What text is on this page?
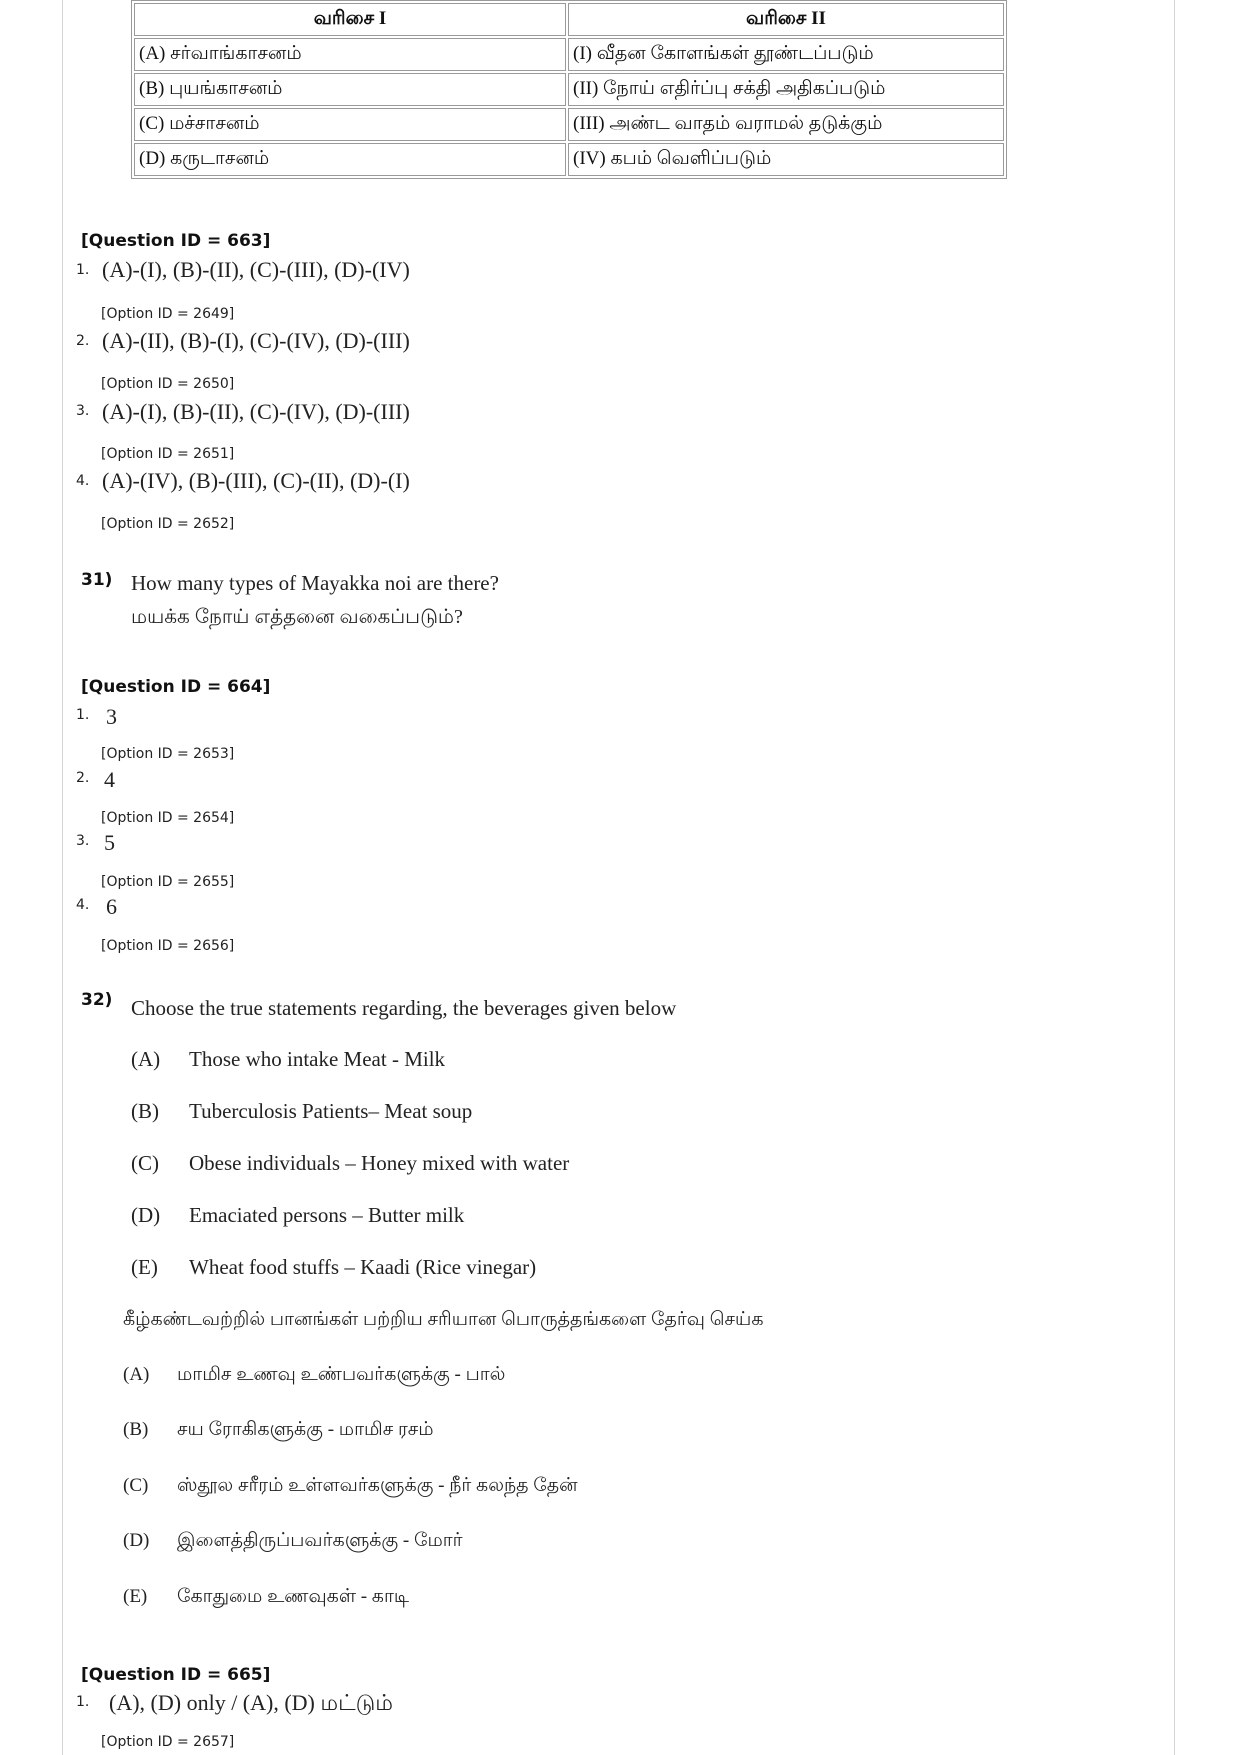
வரிசை I	வரிசை II
(A) சர்வாங்காசனம்	(I) வீதன கோளங்கள் தூண்டப்படும்
(B) புயங்காசனம்	(II) நோய் எதிர்ப்பு சக்தி அதிகப்படும்
(C) மச்சாசனம்	(III) அண்ட வாதம் வராமல் தடுக்கும்
(D) கருடாசனம்	(IV) கபம் வெளிப்படும்
[Question ID = 663]
1. (A)-(I), (B)-(II), (C)-(III), (D)-(IV)
[Option ID = 2649]
2. (A)-(II), (B)-(I), (C)-(IV), (D)-(III)
[Option ID = 2650]
3. (A)-(I), (B)-(II), (C)-(IV), (D)-(III)
[Option ID = 2651]
4. (A)-(IV), (B)-(III), (C)-(II), (D)-(I)
[Option ID = 2652]
31) How many types of Mayakka noi are there?
மயக்க நோய் எத்தனை வகைப்படும்?
[Question ID = 664]
1. 3
[Option ID = 2653]
2. 4
[Option ID = 2654]
3. 5
[Option ID = 2655]
4. 6
[Option ID = 2656]
32) Choose the true statements regarding, the beverages given below
(A) Those who intake Meat - Milk
(B) Tuberculosis Patients– Meat soup
(C) Obese individuals – Honey mixed with water
(D) Emaciated persons – Butter milk
(E) Wheat food stuffs – Kaadi (Rice vinegar)
கீழ்கண்டவற்றில் பானங்கள் பற்றிய சரியான பொருத்தங்களை தேர்வு செய்க
(A) மாமிச உணவு உண்பவர்களுக்கு - பால்
(B) சய ரோகிகளுக்கு - மாமிச ரசம்
(C) ஸ்தூல சரீரம் உள்ளவர்களுக்கு - நீர் கலந்த தேன்
(D) இளைத்திருப்பவர்களுக்கு - மோர்
(E) கோதுமை உணவுகள் - காடி
[Question ID = 665]
1. (A), (D) only / (A), (D) மட்டும்
[Option ID = 2657]
